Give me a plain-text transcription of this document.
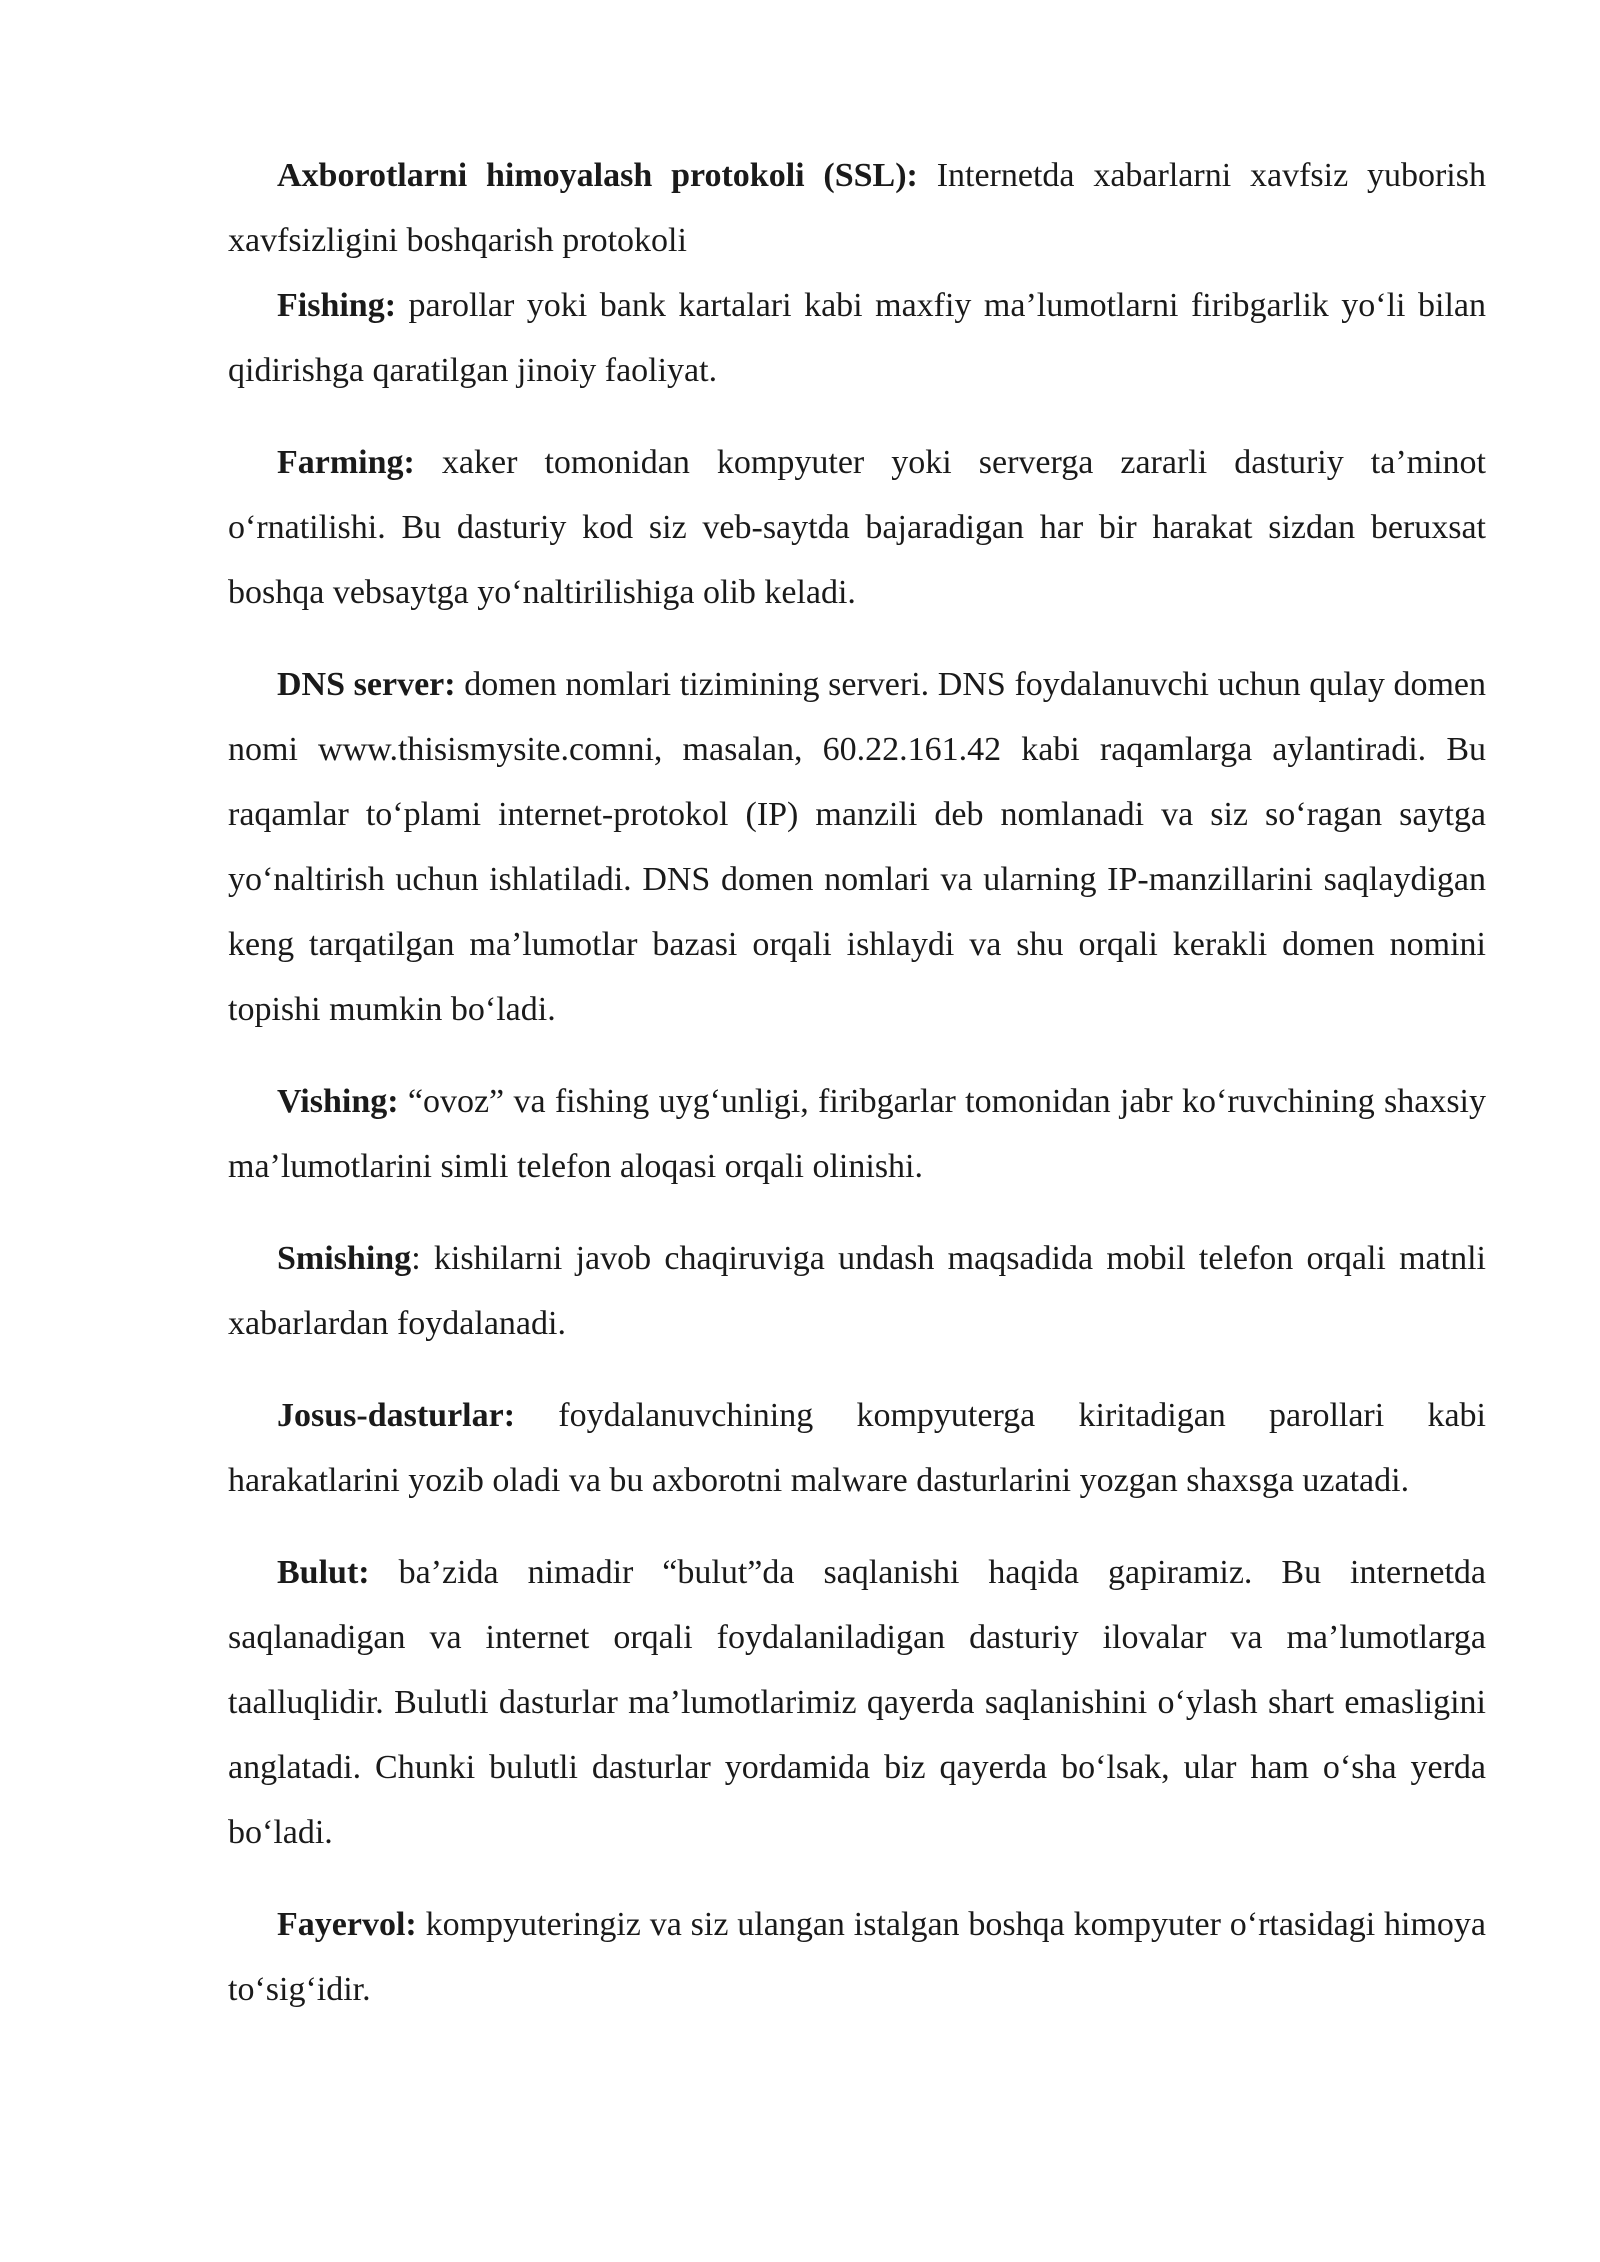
Axborotlarni himoyalash protokoli (SSL): Internetda xabarlarni xavfsiz yuborish xavfsizligini boshqarish protokoli

Fishing: parollar yoki bank kartalari kabi maxfiy ma’lumotlarni firibgarlik yo‘li bilan qidirishga qaratilgan jinoiy faoliyat.

Farming: xaker tomonidan kompyuter yoki serverga zararli dasturiy ta’minot o‘rnatilishi. Bu dasturiy kod siz veb-saytda bajaradigan har bir harakat sizdan beruxsat boshqa vebsaytga yo‘naltirilishiga olib keladi.

DNS server: domen nomlari tizimining serveri. DNS foydalanuvchi uchun qulay domen nomi www.thisismysite.comni, masalan, 60.22.161.42 kabi raqamlarga aylantiradi. Bu raqamlar to‘plami internet-protokol (IP) manzili deb nomlanadi va siz so‘ragan saytga yo‘naltirish uchun ishlatiladi. DNS domen nomlari va ularning IP-manzillarini saqlaydigan keng tarqatilgan ma’lumotlar bazasi orqali ishlaydi va shu orqali kerakli domen nomini topishi mumkin bo‘ladi.

Vishing: “ovoz” va fishing uyg‘unligi, firibgarlar tomonidan jabr ko‘ruvchining shaxsiy ma’lumotlarini simli telefon aloqasi orqali olinishi.

Smishing: kishilarni javob chaqiruviga undash maqsadida mobil telefon orqali matnli xabarlardan foydalanadi.

Josus-dasturlar: foydalanuvchining kompyuterga kiritadigan parollari kabi harakatlarini yozib oladi va bu axborotni malware dasturlarini yozgan shaxsga uzatadi.

Bulut: ba’zida nimadir “bulut”da saqlanishi haqida gapiramiz. Bu internetda saqlanadigan va internet orqali foydalaniladigan dasturiy ilovalar va ma’lumotlarga taalluqlidir. Bulutli dasturlar ma’lumotlarimiz qayerda saqlanishini o‘ylash shart emasligini anglatadi. Chunki bulutli dasturlar yordamida biz qayerda bo‘lsak, ular ham o‘sha yerda bo‘ladi.

Fayervol: kompyuteringiz va siz ulangan istalgan boshqa kompyuter o‘rtasidagi himoya to‘sig‘idir.
